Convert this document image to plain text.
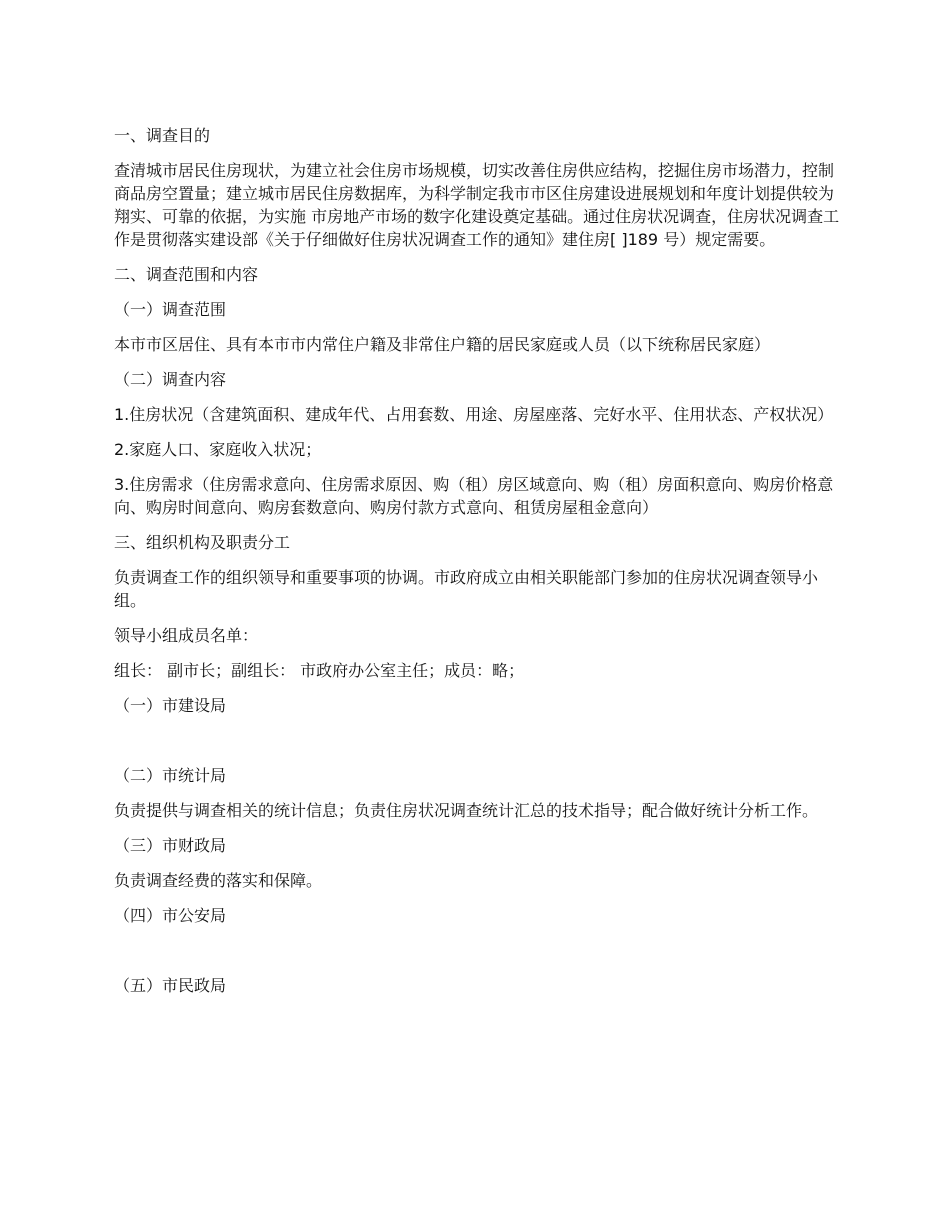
一、调查目的

查清城市居民住房现状，为建立社会住房市场规模，切实改善住房供应结构，挖掘住房市场潜力，控制商品房空置量；建立城市居民住房数据库，为科学制定我市市区住房建设进展规划和年度计划提供较为翔实、可靠的依据，为实施 市房地产市场的数字化建设奠定基础。通过住房状况调查，住房状况调查工作是贯彻落实建设部《关于仔细做好住房状况调查工作的通知》建住房[ ]189 号）规定需要。

二、调查范围和内容

（一）调查范围

本市市区居住、具有本市市内常住户籍及非常住户籍的居民家庭或人员（以下统称居民家庭）

（二）调查内容

1.住房状况（含建筑面积、建成年代、占用套数、用途、房屋座落、完好水平、住用状态、产权状况）

2.家庭人口、家庭收入状况；

3.住房需求（住房需求意向、住房需求原因、购（租）房区域意向、购（租）房面积意向、购房价格意向、购房时间意向、购房套数意向、购房付款方式意向、租赁房屋租金意向）

三、组织机构及职责分工

负责调查工作的组织领导和重要事项的协调。市政府成立由相关职能部门参加的住房状况调查领导小组。

领导小组成员名单：

组长： 副市长；副组长： 市政府办公室主任；成员：略；

（一）市建设局

（二）市统计局

负责提供与调查相关的统计信息；负责住房状况调查统计汇总的技术指导；配合做好统计分析工作。

（三）市财政局

负责调查经费的落实和保障。

（四）市公安局

（五）市民政局
